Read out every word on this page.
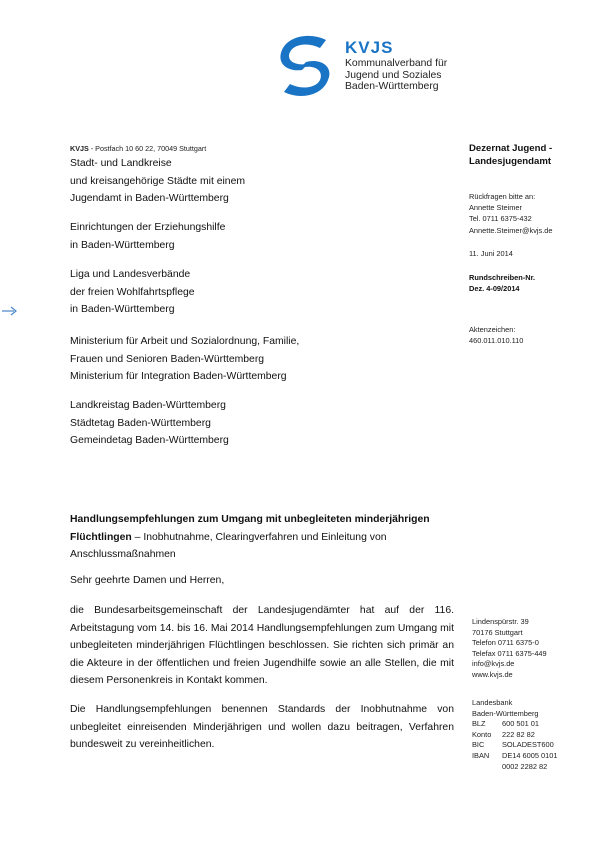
KVJS
Kommunalverband für
Jugend und Soziales
Baden-Württemberg
KVJS - Postfach 10 60 22, 70049 Stuttgart
Stadt- und Landkreise
und kreisangehörige Städte mit einem
Jugendamt in Baden-Württemberg
Einrichtungen der Erziehungshilfe
in Baden-Württemberg
Liga und Landesverbände
der freien Wohlfahrtspflege
in Baden-Württemberg
Ministerium für Arbeit und Sozialordnung, Familie,
Frauen und Senioren Baden-Württemberg
Ministerium für Integration Baden-Württemberg
Landkreistag Baden-Württemberg
Städtetag Baden-Württemberg
Gemeindetag Baden-Württemberg
Dezernat Jugend -
Landesjugendamt
Rückfragen bitte an:
Annette Steimer
Tel. 0711 6375-432
Annette.Steimer@kvjs.de
11. Juni 2014
Rundschreiben-Nr.
Dez. 4-09/2014
Aktenzeichen:
460.011.010.110
Handlungsempfehlungen zum Umgang mit unbegleiteten minderjährigen Flüchtlingen – Inobhutnahme, Clearingverfahren und Einleitung von Anschlussmaßnahmen
Sehr geehrte Damen und Herren,
die Bundesarbeitsgemeinschaft der Landesjugendämter hat auf der 116. Arbeitstagung vom 14. bis 16. Mai 2014 Handlungsempfehlungen zum Umgang mit unbegleiteten minderjährigen Flüchtlingen beschlossen. Sie richten sich primär an die Akteure in der öffentlichen und freien Jugendhilfe sowie an alle Stellen, die mit diesem Personenkreis in Kontakt kommen.
Die Handlungsempfehlungen benennen Standards der Inobhutnahme von unbegleitet einreisenden Minderjährigen und wollen dazu beitragen, Verfahren bundesweit zu vereinheitlichen.
Lindenspürstr. 39
70176 Stuttgart
Telefon 0711 6375-0
Telefax 0711 6375-449
info@kvjs.de
www.kvjs.de
Landesbank
Baden-Württemberg
BLZ	600 501 01
Konto	222 82 82
BIC	SOLADEST600
IBAN	DE14 6005 0101
	0002 2282 82
